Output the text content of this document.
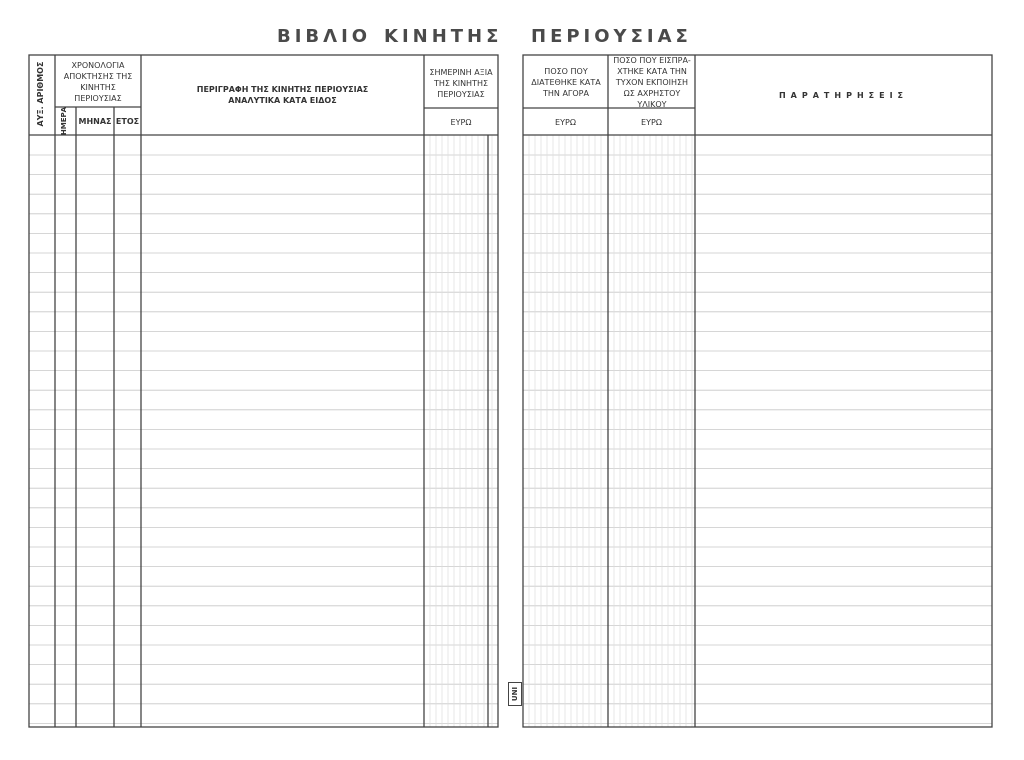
ΒΙΒΛΙΟ ΚΙΝΗΤΗΣ ΠΕΡΙΟΥΣΙΑΣ
ΑΥΞ. ΑΡΙΘΜΟΣ	ΧΡΟΝΟΛΟΓΙΑ ΑΠΟΚΤΗΣΗΣ ΤΗΣ ΚΙΝΗΤΗΣ ΠΕΡΙΟΥΣΙΑΣ
ΗΜΕΡΑ	ΜΗΝΑΣ ΕΤΟΣ
ΠΕΡΙΓΡΑΦΗ ΤΗΣ ΚΙΝΗΤΗΣ ΠΕΡΙΟΥΣΙΑΣ ΑΝΑΛΥΤΙΚΑ ΚΑΤΑ ΕΙΔΟΣ
ΣΗΜΕΡΙΝΗ ΑΞΙΑ ΤΗΣ ΚΙΝΗΤΗΣ ΠΕΡΙΟΥΣΙΑΣ
ΕΥΡΩ
ΠΟΣΟ ΠΟΥ ΔΙΑΤΕΘΗΚΕ ΚΑΤΑ ΤΗΝ ΑΓΟΡΑ
ΕΥΡΩ
ΠΟΣΟ ΠΟΥ ΕΙΣΠΡΑ- ΧΤΗΚΕ ΚΑΤΑ ΤΗΝ ΤΥΧΟΝ ΕΚΠΟΙΗΣΗ ΩΣ ΑΧΡΗΣΤΟΥ ΥΛΙΚΟΥ
ΕΥΡΩ
ΠΑΡΑΤΗΡΗΣΕΙΣ
UNI
